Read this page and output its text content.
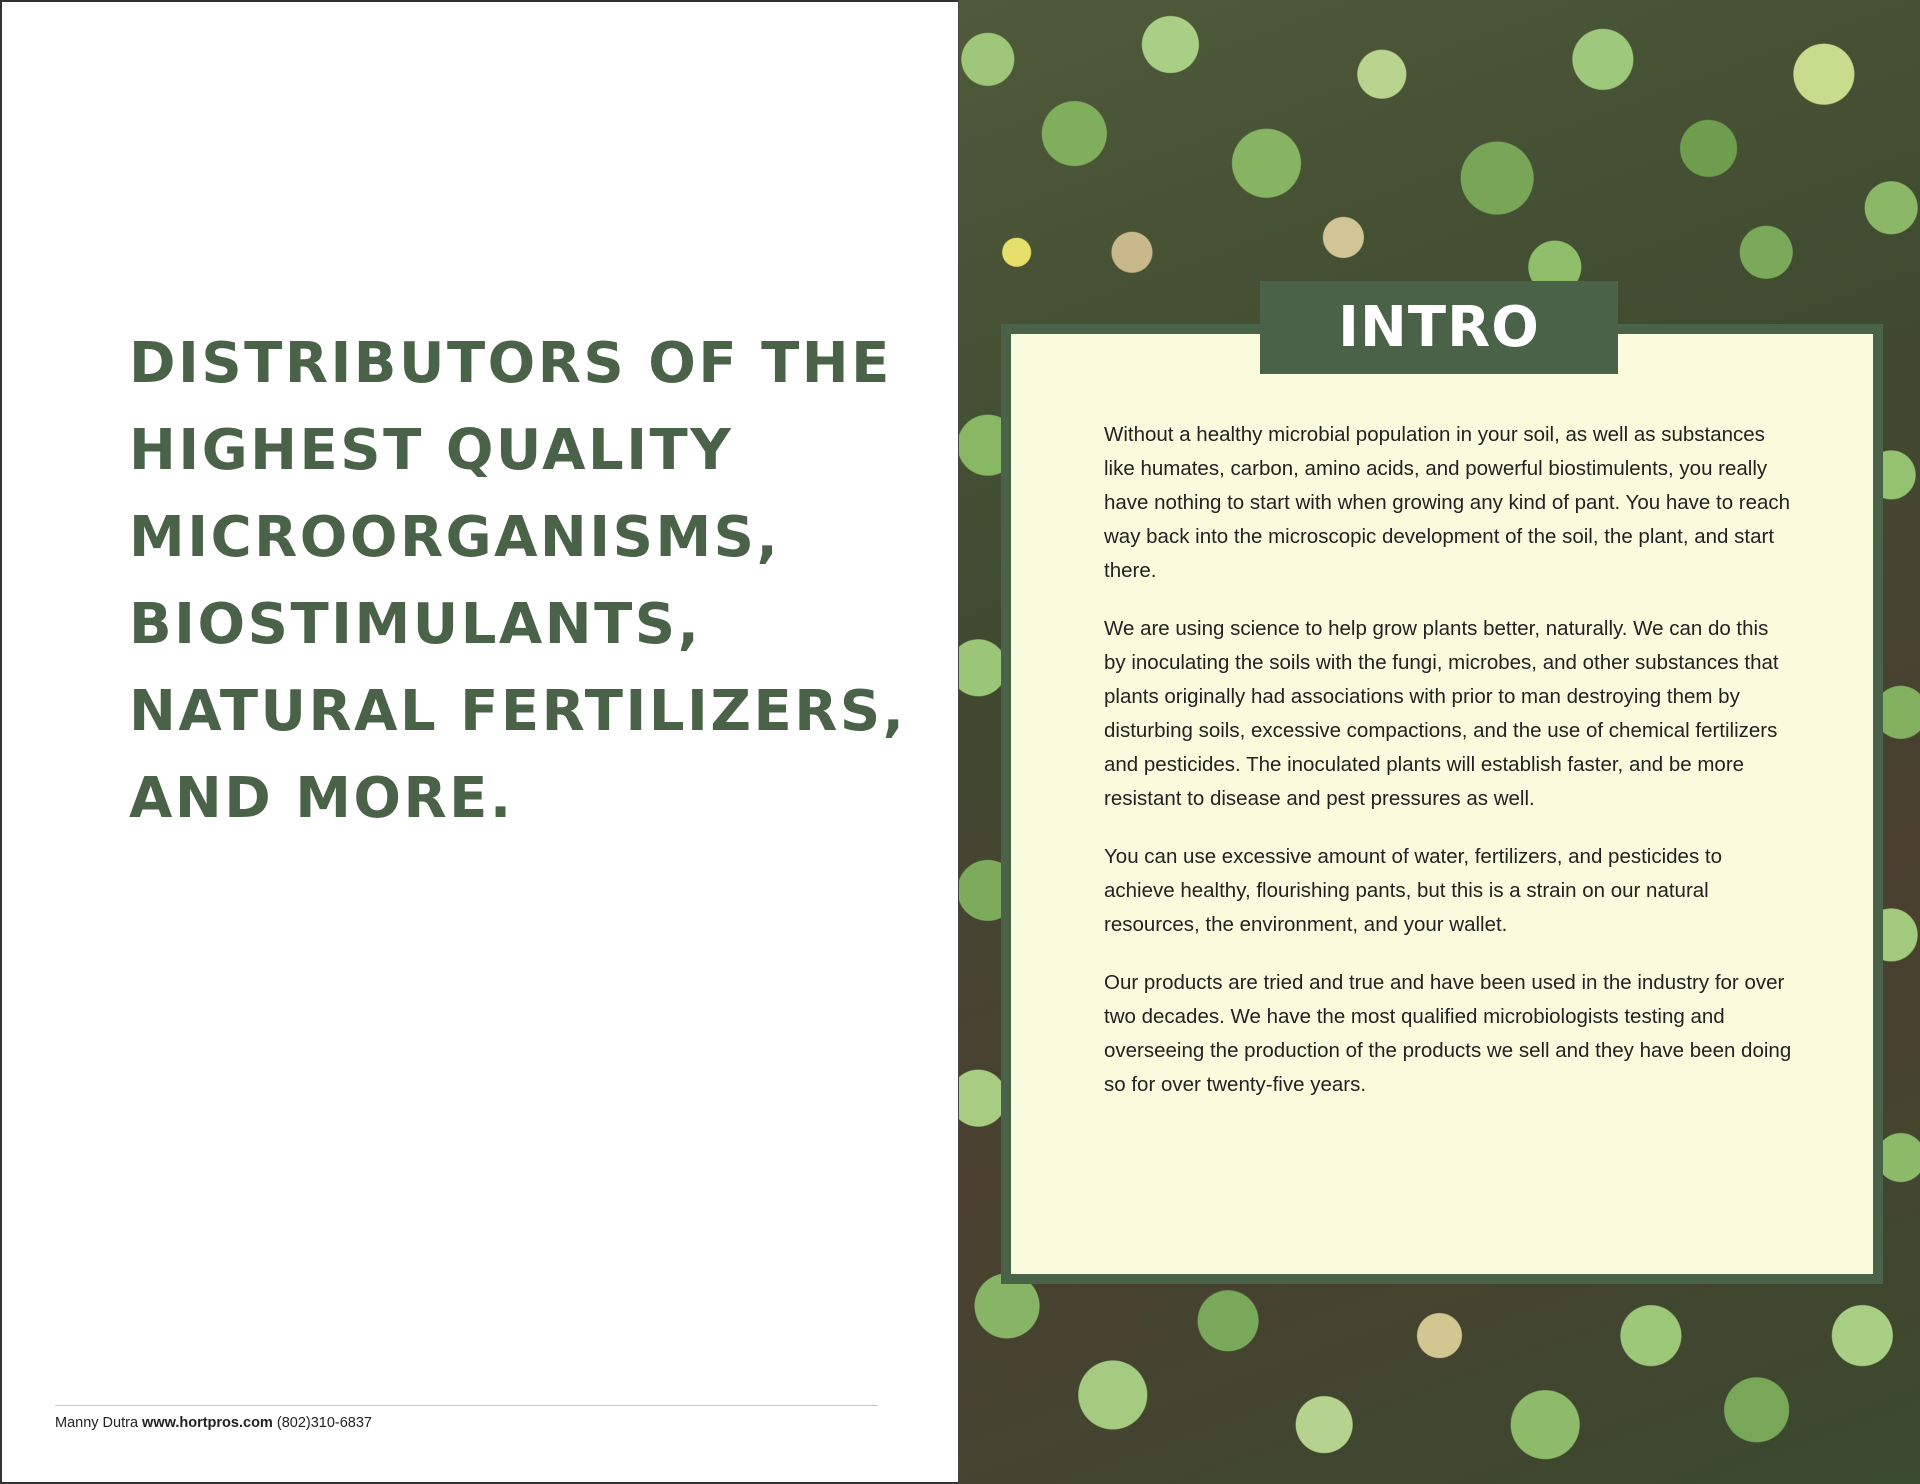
DISTRIBUTORS OF THE
HIGHEST QUALITY
MICROORGANISMS,
BIOSTIMULANTS,
NATURAL FERTILIZERS,
AND MORE.
Manny Dutra www.hortpros.com (802)310-6837
INTRO

Without a healthy microbial population in your soil, as well as substances like humates, carbon, amino acids, and powerful biostimulents, you really have nothing to start with when growing any kind of pant. You have to reach way back into the microscopic development of the soil, the plant, and start there.

We are using science to help grow plants better, naturally. We can do this by inoculating the soils with the fungi, microbes, and other substances that plants originally had associations with prior to man destroying them by disturbing soils, excessive compactions, and the use of chemical fertilizers and pesticides. The inoculated plants will establish faster, and be more resistant to disease and pest pressures as well.

You can use excessive amount of water, fertilizers, and pesticides to achieve healthy, flourishing pants, but this is a strain on our natural resources, the environment, and your wallet.

Our products are tried and true and have been used in the industry for over two decades. We have the most qualified microbiologists testing and overseeing the production of the products we sell and they have been doing so for over twenty-five years.
